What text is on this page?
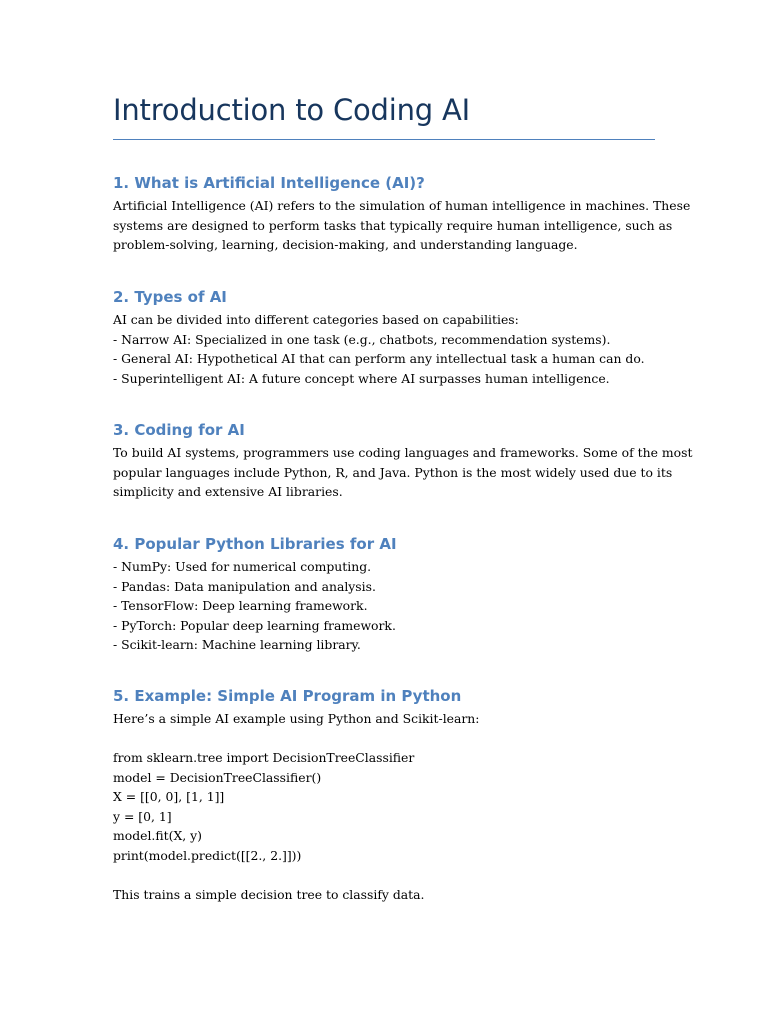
Introduction to Coding AI
1. What is Artificial Intelligence (AI)?
Artificial Intelligence (AI) refers to the simulation of human intelligence in machines. These
systems are designed to perform tasks that typically require human intelligence, such as
problem-solving, learning, decision-making, and understanding language.
2. Types of AI
AI can be divided into different categories based on capabilities:
- Narrow AI: Specialized in one task (e.g., chatbots, recommendation systems).
- General AI: Hypothetical AI that can perform any intellectual task a human can do.
- Superintelligent AI: A future concept where AI surpasses human intelligence.
3. Coding for AI
To build AI systems, programmers use coding languages and frameworks. Some of the most
popular languages include Python, R, and Java. Python is the most widely used due to its
simplicity and extensive AI libraries.
4. Popular Python Libraries for AI
- NumPy: Used for numerical computing.
- Pandas: Data manipulation and analysis.
- TensorFlow: Deep learning framework.
- PyTorch: Popular deep learning framework.
- Scikit-learn: Machine learning library.
5. Example: Simple AI Program in Python
Here’s a simple AI example using Python and Scikit-learn:
from sklearn.tree import DecisionTreeClassifier
model = DecisionTreeClassifier()
X = [[0, 0], [1, 1]]
y = [0, 1]
model.fit(X, y)
print(model.predict([[2., 2.]]))
This trains a simple decision tree to classify data.
